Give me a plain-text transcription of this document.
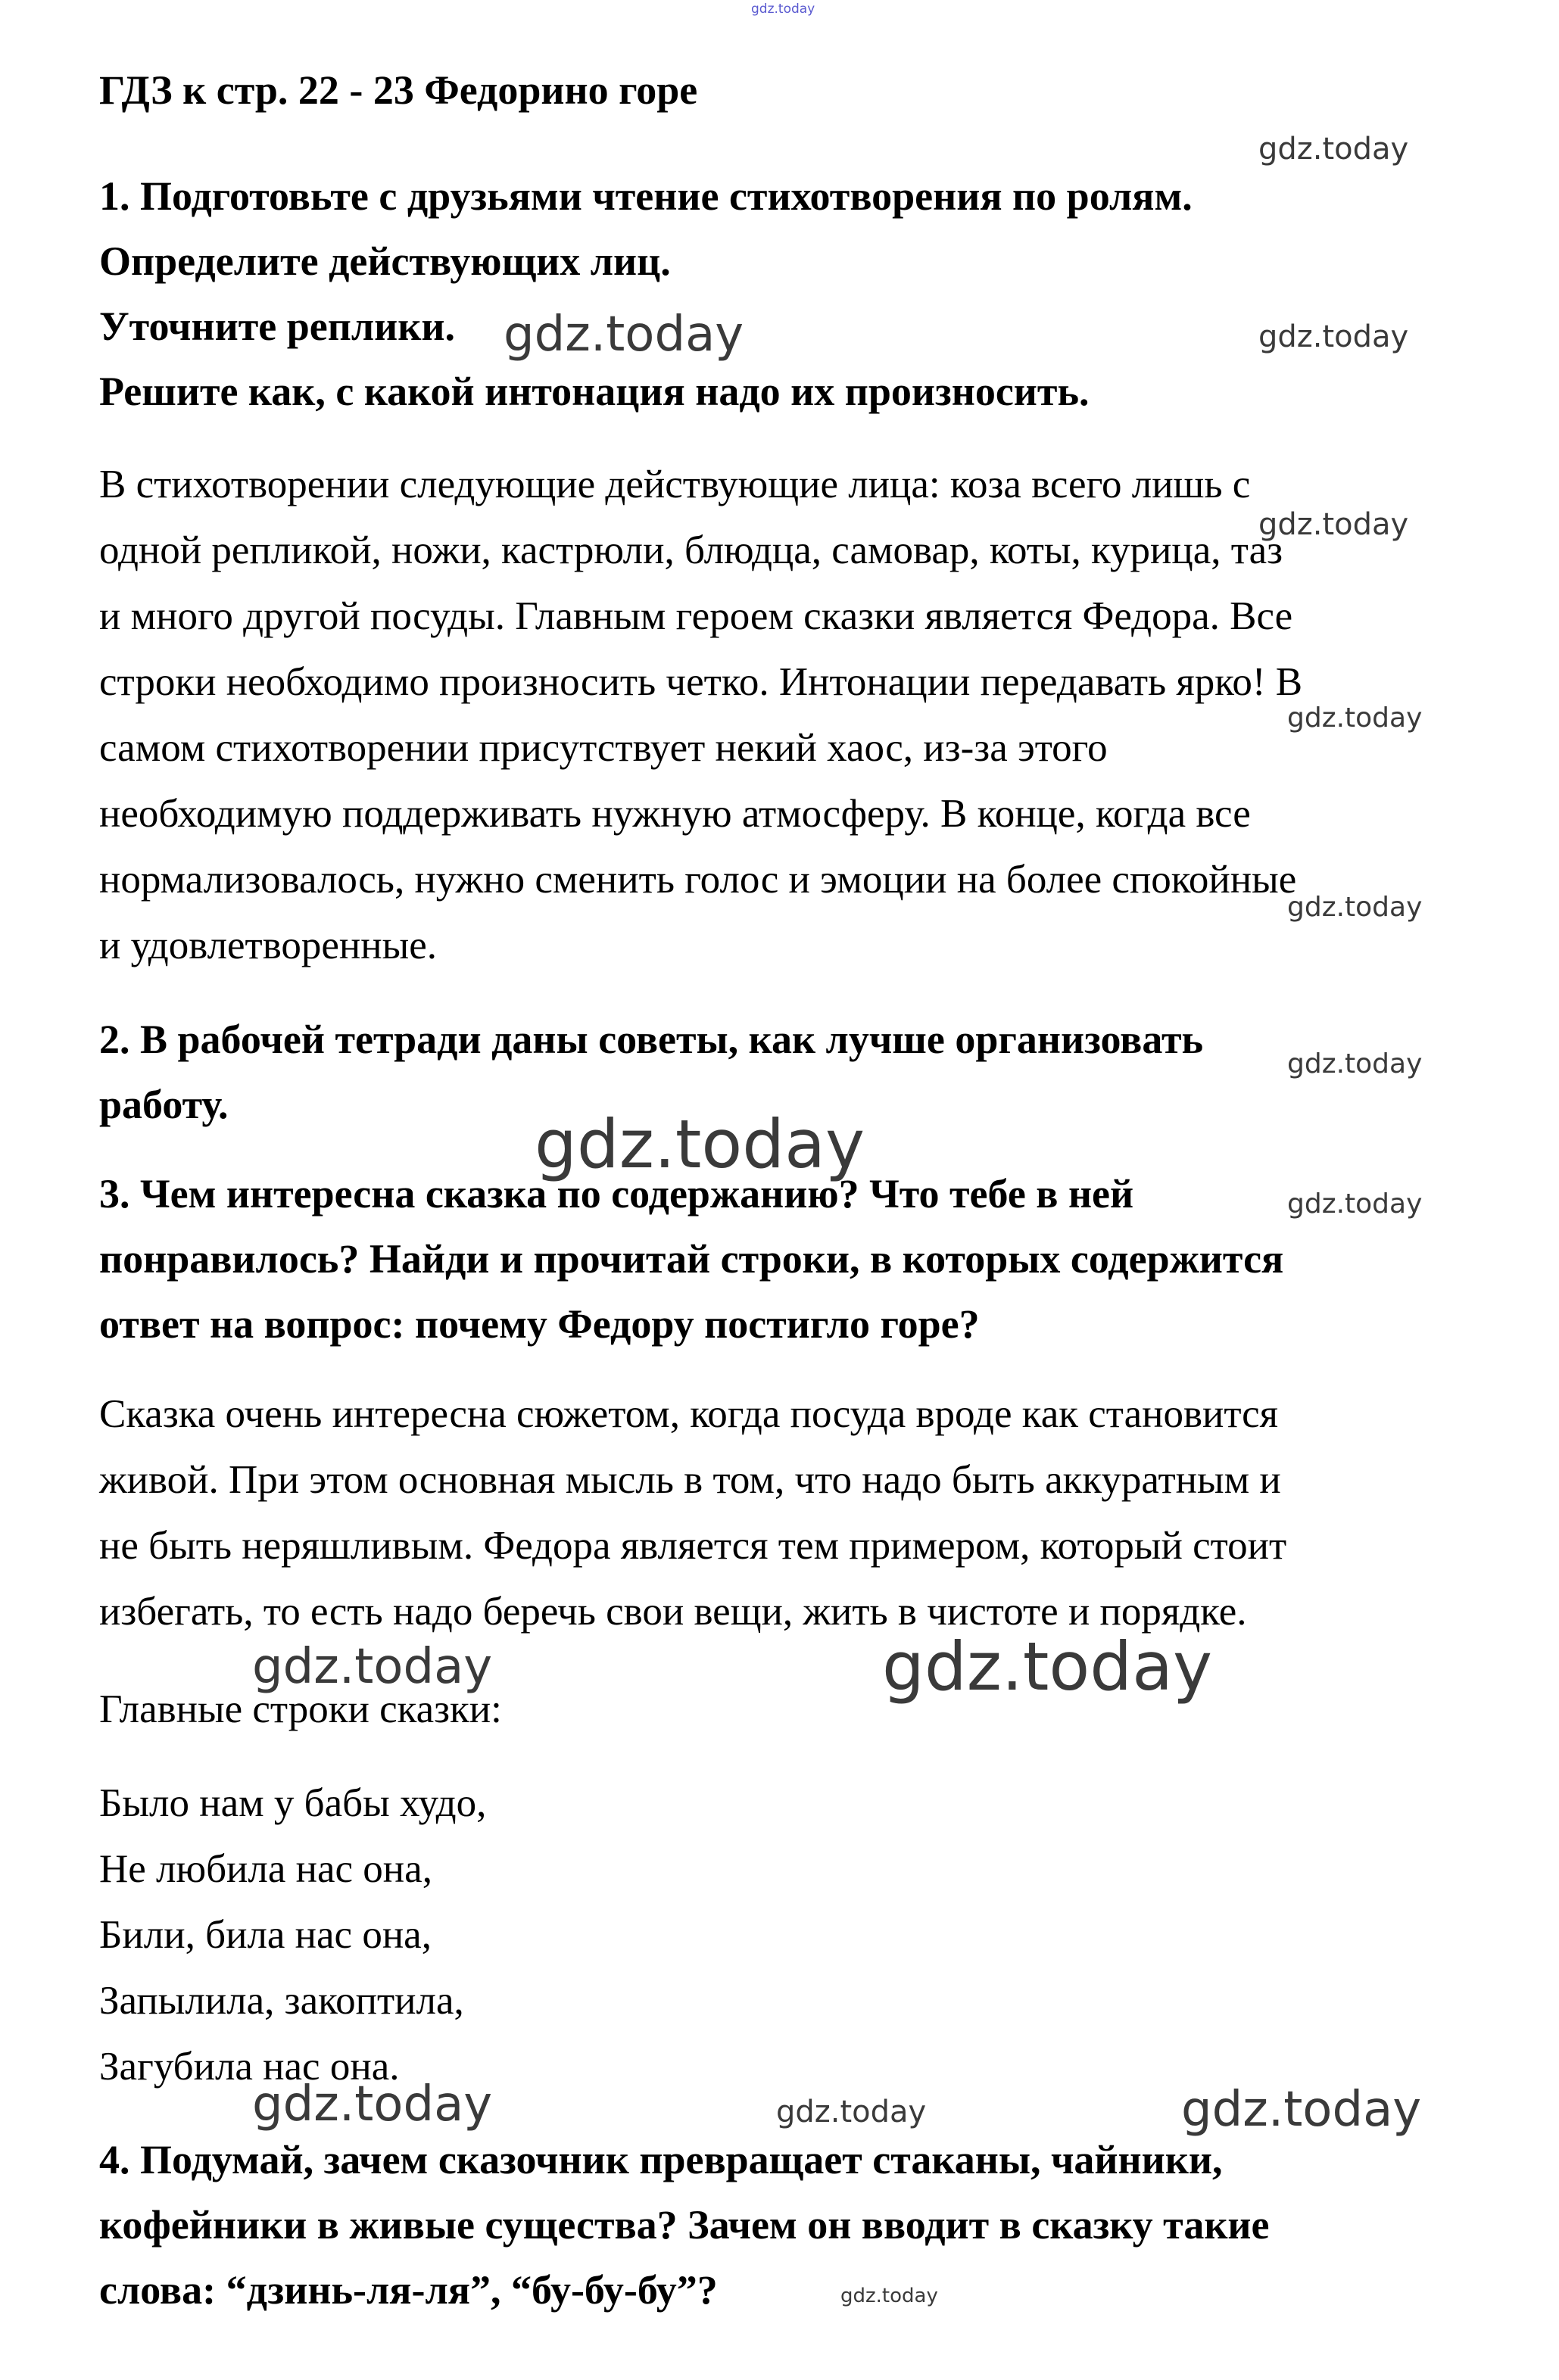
gdz.today
ГДЗ к стр. 22 - 23 Федорино горе
1. Подготовьте с друзьями чтение стихотворения по ролям.
Определите действующих лиц.
Уточните реплики.
Решите как, с какой интонация надо их произносить.
В стихотворении следующие действующие лица: коза всего лишь с
одной репликой, ножи, кастрюли, блюдца, самовар, коты, курица, таз
и много другой посуды. Главным героем сказки является Федора. Все
строки необходимо произносить четко. Интонации передавать ярко! В
самом стихотворении присутствует некий хаос, из-за этого
необходимую поддерживать нужную атмосферу. В конце, когда все
нормализовалось, нужно сменить голос и эмоции на более спокойные
и удовлетворенные.
2. В рабочей тетради даны советы, как лучше организовать
работу.
3. Чем интересна сказка по содержанию? Что тебе в ней
понравилось? Найди и прочитай строки, в которых содержится
ответ на вопрос: почему Федору постигло горе?
Сказка очень интересна сюжетом, когда посуда вроде как становится
живой. При этом основная мысль в том, что надо быть аккуратным и
не быть неряшливым. Федора является тем примером, который стоит
избегать, то есть надо беречь свои вещи, жить в чистоте и порядке.
Главные строки сказки:
Было нам у бабы худо,
Не любила нас она,
Били, била нас она,
Запылила, закоптила,
Загубила нас она.
4. Подумай, зачем сказочник превращает стаканы, чайники,
кофейники в живые существа? Зачем он вводит в сказку такие
слова: “дзинь-ля-ля”, “бу-бу-бу”?
gdz.today
gdz.today
gdz.today
gdz.today
gdz.today
gdz.today
gdz.today
gdz.today
gdz.today
gdz.today	gdz.today
gdz.today	gdz.today	gdz.today
gdz.today
